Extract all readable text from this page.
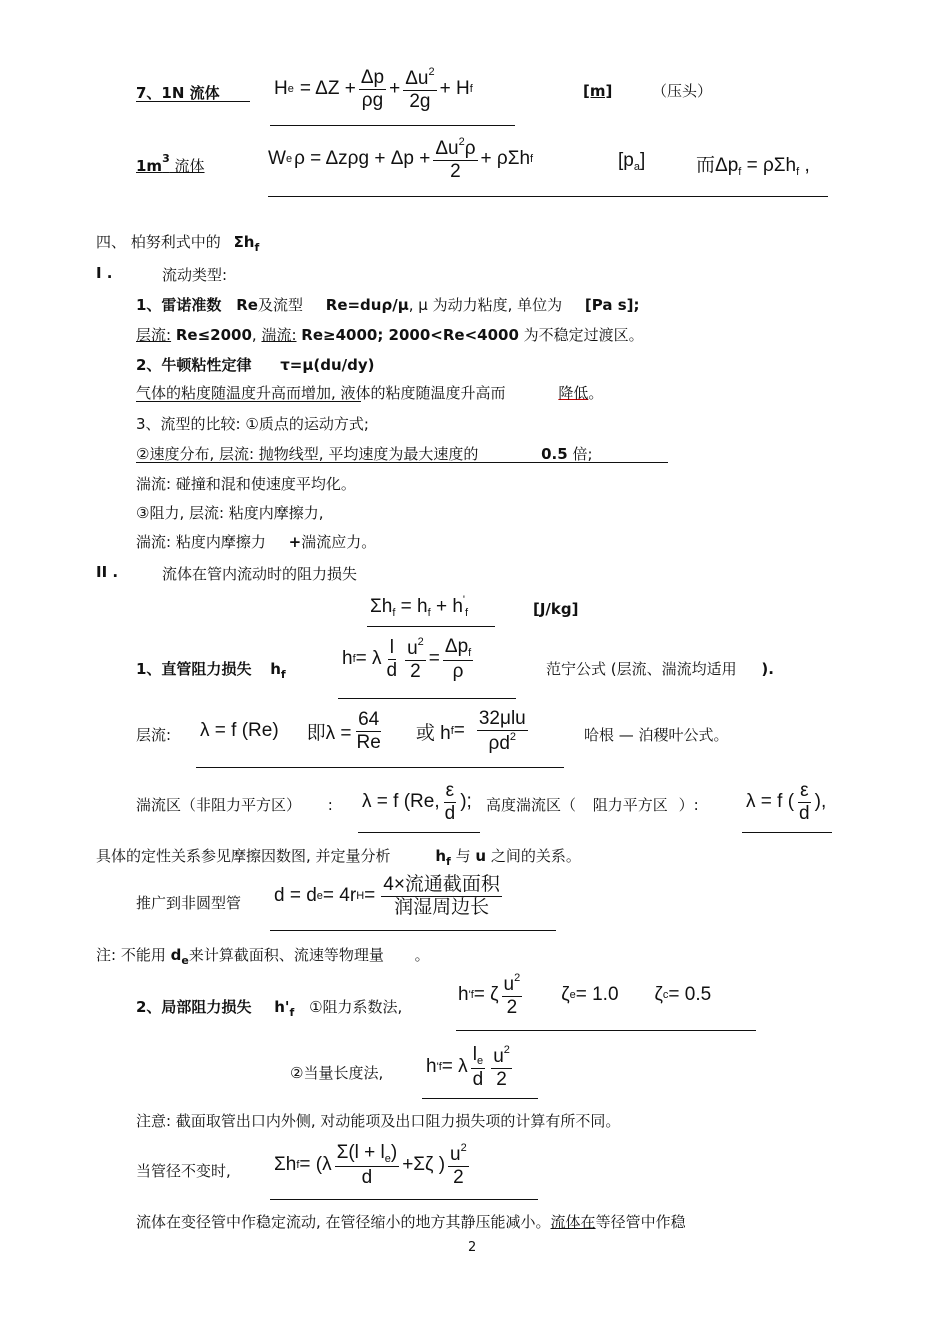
7、1N 流体	H $e = \Delta Z + \frac{\Delta p}{\rho g} + \frac{\Delta u^2}{2g} + H$ f	[m]	（压头）
$1m^3$ 流体	W e $\rho = \Delta z\rho g + \Delta p + \frac{\Delta u^2\rho}{2} + \rho\Sigma h$ f	$[p_a]$	而$\Delta p_f = \rho\Sigma h_f$ ,
四、 柏努利式中的 $\Sigma h_f$
I .	流动类型:
1、雷诺准数 Re及流型 Re=duρ/μ, μ 为动力粘度, 单位为 [Pa s];
层流: Re≤2000, 湍流: Re≥4000; 2000<Re<4000 为不稳定过渡区。
2、牛顿粘性定律 τ=μ(du/dy)
气体的粘度随温度升高而增加, 液体的粘度随温度升高而	降低。
3、流型的比较: ①质点的运动方式;
②速度分布, 层流: 抛物线型, 平均速度为最大速度的	0.5 倍;
湍流: 碰撞和混和使速度平均化。
③阻力, 层流: 粘度内摩擦力,
湍流: 粘度内摩擦力 +湍流应力。
II .	流体在管内流动时的阻力损失
$\Sigma h_f = h_f + h'_f$	[J/kg]
1、直管阻力损失 $h_f$
h f = λ $\frac{l}{d} \frac{u^2}{2} = \frac{\Delta p_f}{\rho}$	范宁公式 (层流、湍流均适用 ).
层流: λ = f (Re) 即$\lambda = \frac{64}{Re}$ 或 h $f = \frac{\text{32μlu}}{\rho d^2}$	哈根 — 泊稷叶公式。
湍流区（非阻力平方区） : λ = f (Re, $\frac{\varepsilon}{d}$ ); 高度湍流区（ 阻力平方区 ）: λ = f ( $\frac{\varepsilon}{d}$ ),
具体的定性关系参见摩擦因数图, 并定量分析	$h_f$ 与 u 之间的关系。
推广到非圆型管 d = d e = 4r $H = \frac{\text{4×流通截面积}}{\text{润湿周边长}}$
注: 不能用 $d_e$来计算截面积、流速等物理量 。
2、局部阻力损失 $h'_f$ ①阻力系数法,
h ' f = ζ $\frac{u^2}{2}$ ζ e = 1.0 ζ c = 0.5
②当量长度法, h ' f = λ $\frac{l_e}{d} \frac{u^2}{2}$
注意: 截面取管出口内外侧, 对动能项及出口阻力损失项的计算有所不同。
当管径不变时, Σh $f = (\lambda \frac{\Sigma(l + l_e)}{d} +\Sigma\zeta$ ) $\frac{u^2}{2}$
流体在变径管中作稳定流动, 在管径缩小的地方其静压能减小。流体在等径管中作稳
2
